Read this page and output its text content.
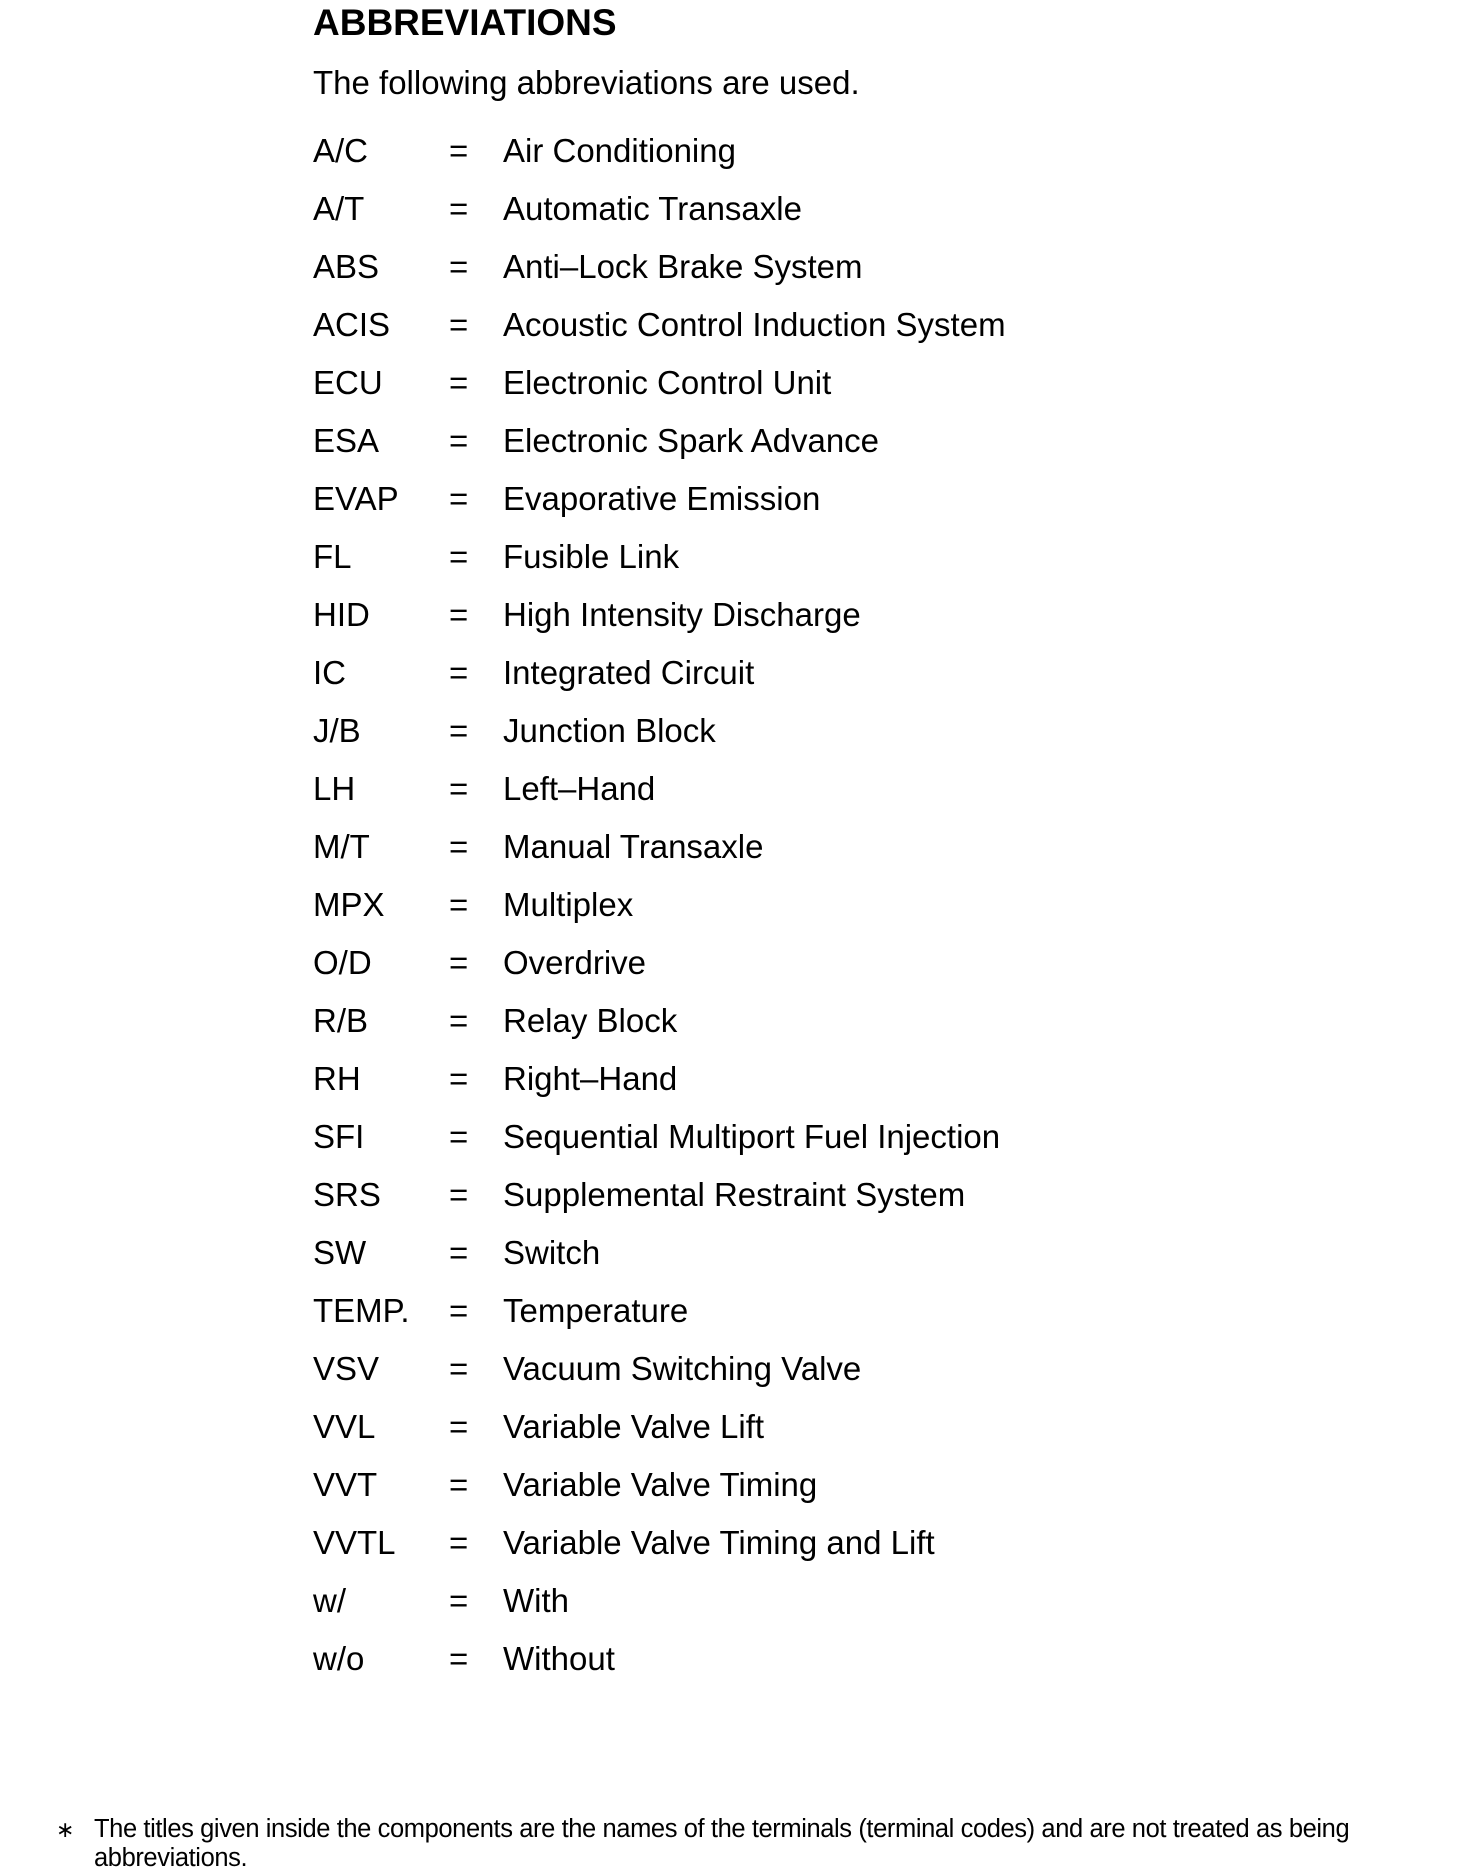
ABBREVIATIONS

The following abbreviations are used.

A/C	=	Air Conditioning
A/T	=	Automatic Transaxle
ABS	=	Anti–Lock Brake System
ACIS	=	Acoustic Control Induction System
ECU	=	Electronic Control Unit
ESA	=	Electronic Spark Advance
EVAP	=	Evaporative Emission
FL	=	Fusible Link
HID	=	High Intensity Discharge
IC	=	Integrated Circuit
J/B	=	Junction Block
LH	=	Left–Hand
M/T	=	Manual Transaxle
MPX	=	Multiplex
O/D	=	Overdrive
R/B	=	Relay Block
RH	=	Right–Hand
SFI	=	Sequential Multiport Fuel Injection
SRS	=	Supplemental Restraint System
SW	=	Switch
TEMP.	=	Temperature
VSV	=	Vacuum Switching Valve
VVL	=	Variable Valve Lift
VVT	=	Variable Valve Timing
VVTL	=	Variable Valve Timing and Lift
w/	=	With
w/o	=	Without
∗ The titles given inside the components are the names of the terminals (terminal codes) and are not treated as being abbreviations.
